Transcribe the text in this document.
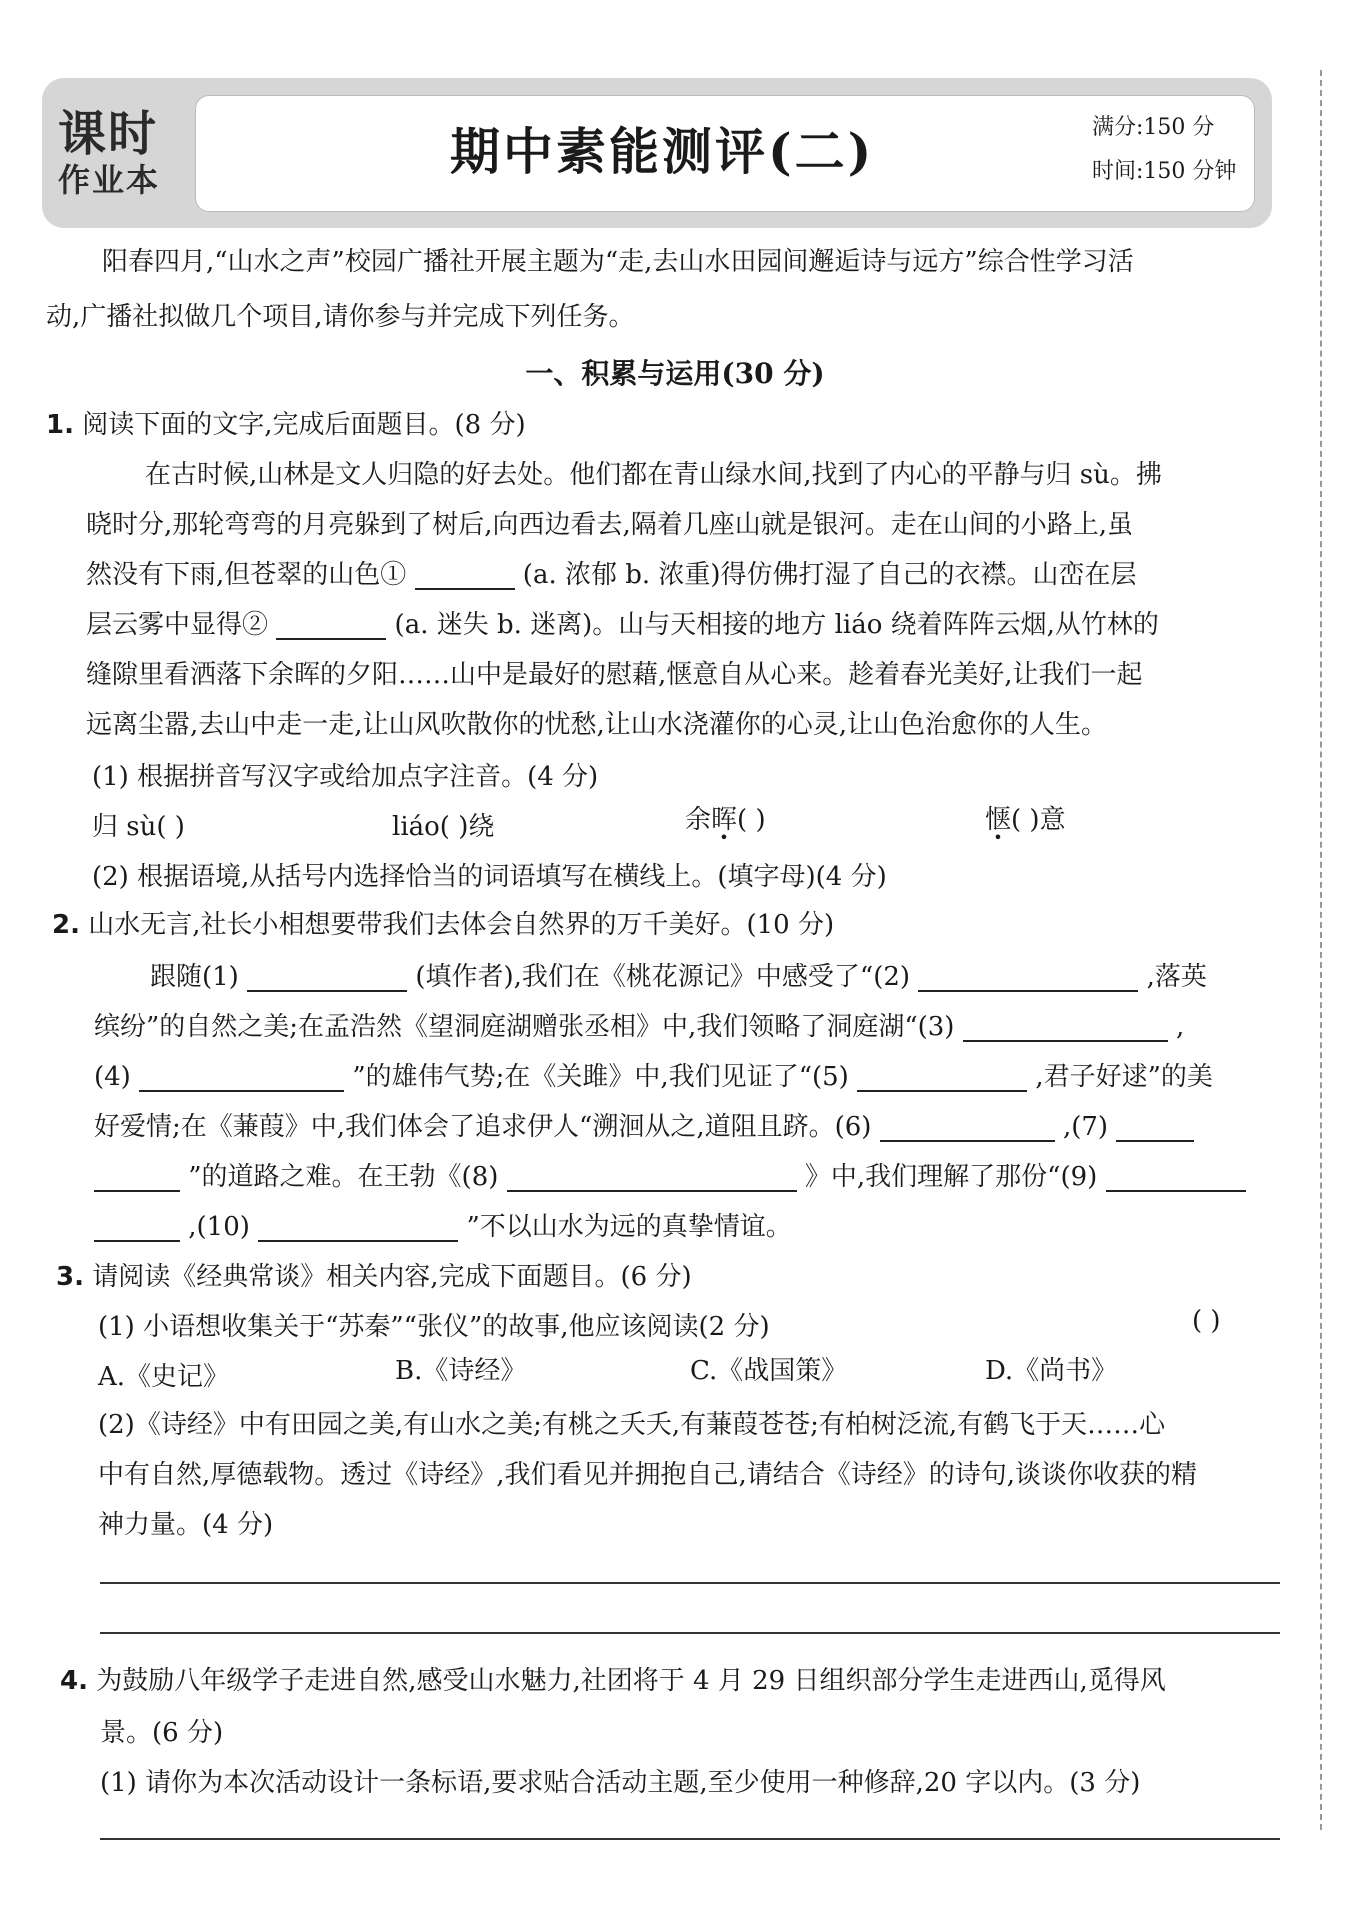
课时
作业本	期中素能测评(二)	满分:150 分
时间:150 分钟
阳春四月,“山水之声”校园广播社开展主题为“走,去山水田园间邂逅诗与远方”综合性学习活
动,广播社拟做几个项目,请你参与并完成下列任务。
一、积累与运用(30 分)
1. 阅读下面的文字,完成后面题目。(8 分)
在古时候,山林是文人归隐的好去处。他们都在青山绿水间,找到了内心的平静与归 sù。拂
晓时分,那轮弯弯的月亮躲到了树后,向西边看去,隔着几座山就是银河。走在山间的小路上,虽
然没有下雨,但苍翠的山色①	(a. 浓郁 b. 浓重)得仿佛打湿了自己的衣襟。山峦在层
层云雾中显得②	(a. 迷失 b. 迷离)。山与天相接的地方 liáo 绕着阵阵云烟,从竹林的
缝隙里看洒落下余晖的夕阳……山中是最好的慰藉,惬意自从心来。趁着春光美好,让我们一起
远离尘嚣,去山中走一走,让山风吹散你的忧愁,让山水浇灌你的心灵,让山色治愈你的人生。
(1) 根据拼音写汉字或给加点字注音。(4 分)
归 sù( )	liáo( )绕	余晖( )	惬( )意
(2) 根据语境,从括号内选择恰当的词语填写在横线上。(填字母)(4 分)
2. 山水无言,社长小相想要带我们去体会自然界的万千美好。(10 分)
跟随(1)	(填作者),我们在《桃花源记》中感受了“(2)	,落英
缤纷”的自然之美;在孟浩然《望洞庭湖赠张丞相》中,我们领略了洞庭湖“(3)	,
(4)	”的雄伟气势;在《关雎》中,我们见证了“(5)	,君子好逑”的美
好爱情;在《蒹葭》中,我们体会了追求伊人“溯洄从之,道阻且跻。(6)	,(7)
”的道路之难。在王勃《(8)	》中,我们理解了那份“(9)
,(10)	”不以山水为远的真挚情谊。
3. 请阅读《经典常谈》相关内容,完成下面题目。(6 分)
(1) 小语想收集关于“苏秦”“张仪”的故事,他应该阅读(2 分)	( )
A.《史记》	B.《诗经》	C.《战国策》	D.《尚书》
(2)《诗经》中有田园之美,有山水之美;有桃之夭夭,有蒹葭苍苍;有柏树泛流,有鹤飞于天……心
中有自然,厚德载物。透过《诗经》,我们看见并拥抱自己,请结合《诗经》的诗句,谈谈你收获的精
神力量。(4 分)
4. 为鼓励八年级学子走进自然,感受山水魅力,社团将于 4 月 29 日组织部分学生走进西山,觅得风
景。(6 分)
(1) 请你为本次活动设计一条标语,要求贴合活动主题,至少使用一种修辞,20 字以内。(3 分)
